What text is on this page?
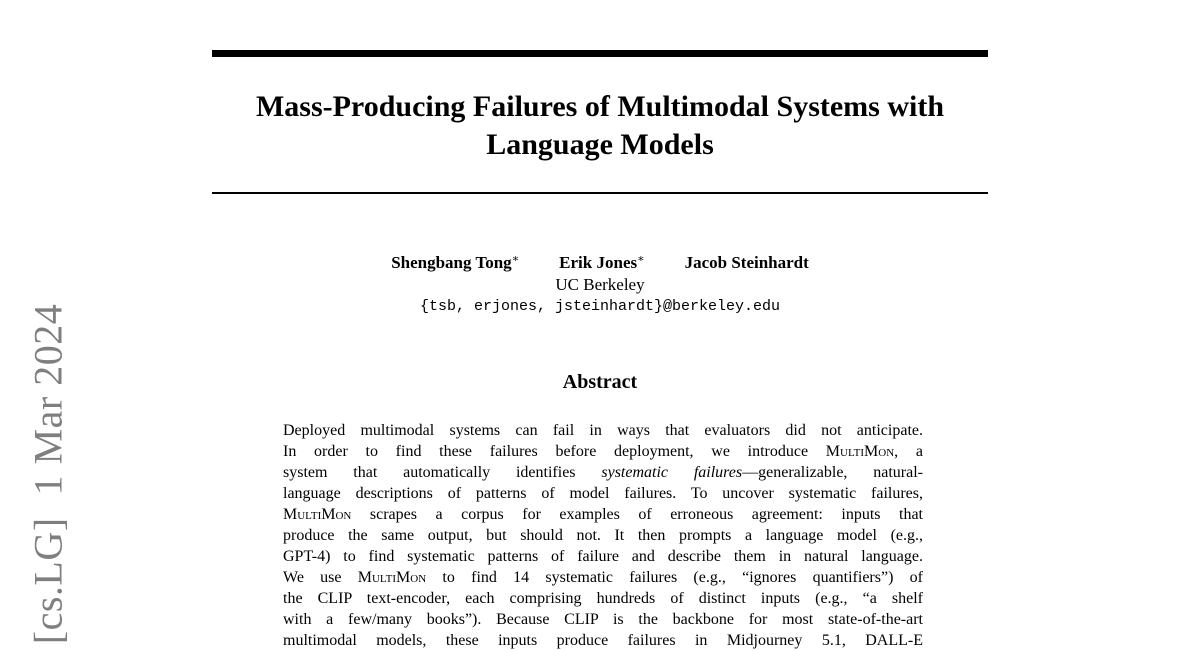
[cs.LG]1 Mar 2024
Mass-Producing Failures of Multimodal Systems with
Language Models
Shengbang Tong∗ Erik Jones∗ Jacob Steinhardt
UC Berkeley
{tsb, erjones, jsteinhardt}@berkeley.edu
Abstract
Deployed multimodal systems can fail in ways that evaluators did not anticipate.
In order to find these failures before deployment, we introduce MultiMon, a
system that automatically identifies systematic failures—generalizable, natural-
language descriptions of patterns of model failures. To uncover systematic failures,
MultiMon scrapes a corpus for examples of erroneous agreement: inputs that
produce the same output, but should not. It then prompts a language model (e.g.,
GPT-4) to find systematic patterns of failure and describe them in natural language.
We use MultiMon to find 14 systematic failures (e.g., “ignores quantifiers”) of
the CLIP text-encoder, each comprising hundreds of distinct inputs (e.g., “a shelf
with a few/many books”). Because CLIP is the backbone for most state-of-the-art
multimodal models, these inputs produce failures in Midjourney 5.1, DALL-E
